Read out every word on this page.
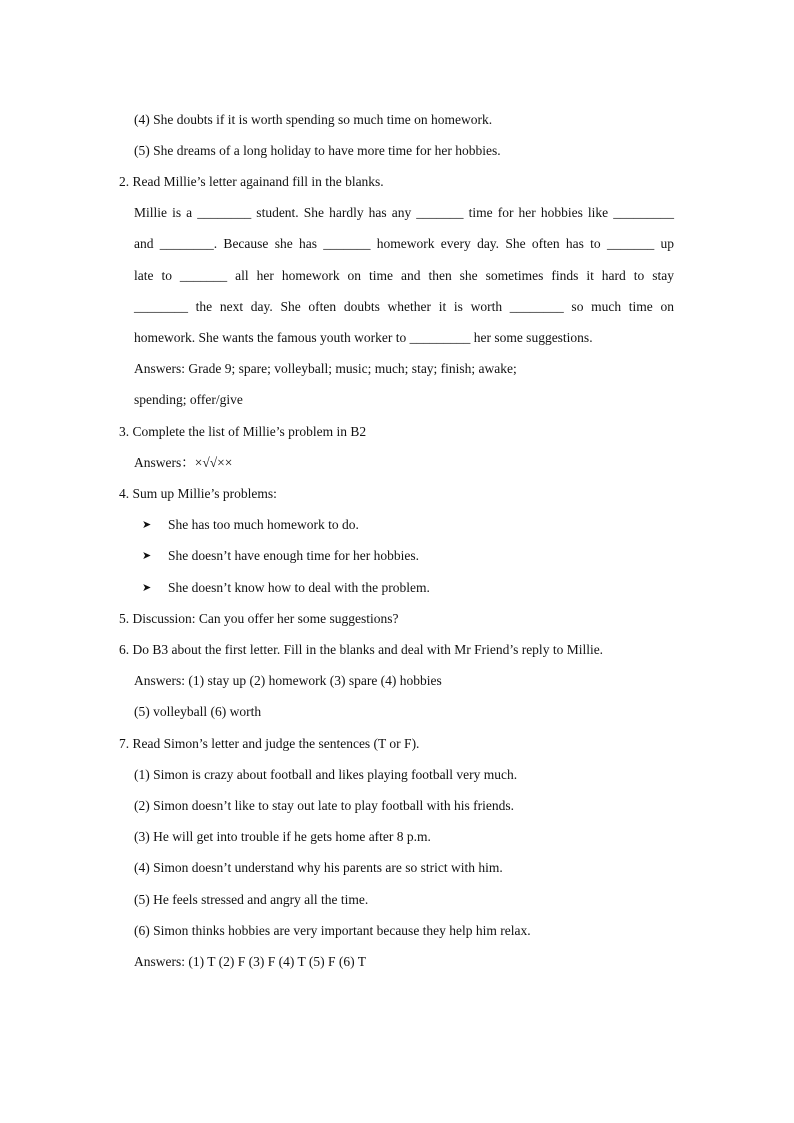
(4) She doubts if it is worth spending so much time on homework.
(5) She dreams of a long holiday to have more time for her hobbies.
2. Read Millie’s letter againand fill in the blanks.
Millie is a ________ student. She hardly has any _______ time for her hobbies like _________
and ________. Because she has _______ homework every day. She often has to _______ up
late to _______ all her homework on time and then she sometimes finds it hard to stay
________ the next day. She often doubts whether it is worth ________ so much time on
homework. She wants the famous youth worker to _________ her some suggestions.
Answers: Grade 9; spare; volleyball; music; much; stay; finish; awake;
spending; offer/give
3. Complete the list of Millie’s problem in B2
Answers：×√√××
4. Sum up Millie’s problems:
➤ She has too much homework to do.
➤ She doesn’t have enough time for her hobbies.
➤ She doesn’t know how to deal with the problem.
5. Discussion: Can you offer her some suggestions?
6. Do B3 about the first letter. Fill in the blanks and deal with Mr Friend’s reply to Millie.
Answers: (1) stay up (2) homework (3) spare (4) hobbies
(5) volleyball (6) worth
7. Read Simon’s letter and judge the sentences (T or F).
(1) Simon is crazy about football and likes playing football very much.
(2) Simon doesn’t like to stay out late to play football with his friends.
(3) He will get into trouble if he gets home after 8 p.m.
(4) Simon doesn’t understand why his parents are so strict with him.
(5) He feels stressed and angry all the time.
(6) Simon thinks hobbies are very important because they help him relax.
Answers: (1) T (2) F (3) F (4) T (5) F (6) T
